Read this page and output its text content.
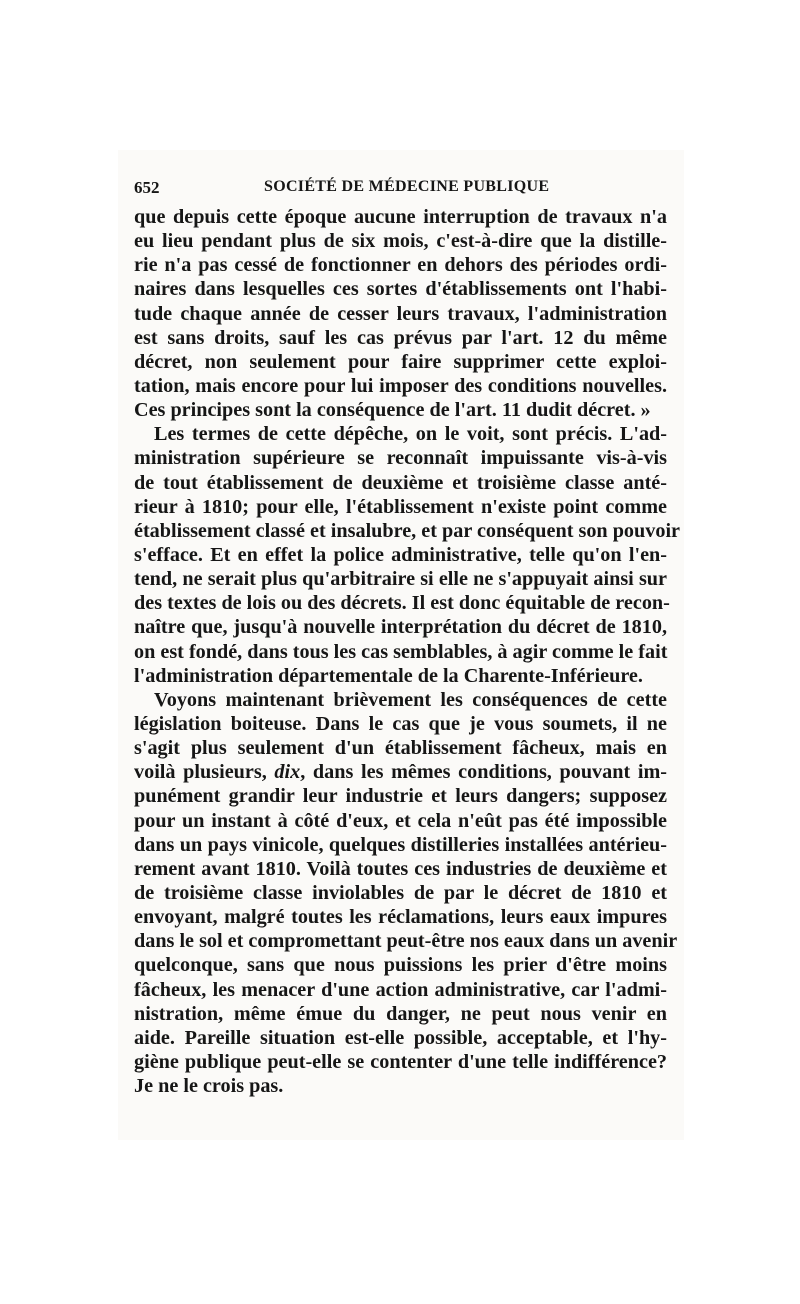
652	SOCIÉTÉ DE MÉDECINE PUBLIQUE
que depuis cette époque aucune interruption de travaux n'a
eu lieu pendant plus de six mois, c'est-à-dire que la distille-
rie n'a pas cessé de fonctionner en dehors des périodes ordi-
naires dans lesquelles ces sortes d'établissements ont l'habi-
tude chaque année de cesser leurs travaux, l'administration
est sans droits, sauf les cas prévus par l'art. 12 du même
décret, non seulement pour faire supprimer cette exploi-
tation, mais encore pour lui imposer des conditions nouvelles.
Ces principes sont la conséquence de l'art. 11 dudit décret. »
Les termes de cette dépêche, on le voit, sont précis. L'ad-
ministration supérieure se reconnaît impuissante vis-à-vis
de tout établissement de deuxième et troisième classe anté-
rieur à 1810; pour elle, l'établissement n'existe point comme
établissement classé et insalubre, et par conséquent son pouvoir
s'efface. Et en effet la police administrative, telle qu'on l'en-
tend, ne serait plus qu'arbitraire si elle ne s'appuyait ainsi sur
des textes de lois ou des décrets. Il est donc équitable de recon-
naître que, jusqu'à nouvelle interprétation du décret de 1810,
on est fondé, dans tous les cas semblables, à agir comme le fait
l'administration départementale de la Charente-Inférieure.
Voyons maintenant brièvement les conséquences de cette
législation boiteuse. Dans le cas que je vous soumets, il ne
s'agit plus seulement d'un établissement fâcheux, mais en
voilà plusieurs, dix, dans les mêmes conditions, pouvant im-
punément grandir leur industrie et leurs dangers; supposez
pour un instant à côté d'eux, et cela n'eût pas été impossible
dans un pays vinicole, quelques distilleries installées antérieu-
rement avant 1810. Voilà toutes ces industries de deuxième et
de troisième classe inviolables de par le décret de 1810 et
envoyant, malgré toutes les réclamations, leurs eaux impures
dans le sol et compromettant peut-être nos eaux dans un avenir
quelconque, sans que nous puissions les prier d'être moins
fâcheux, les menacer d'une action administrative, car l'admi-
nistration, même émue du danger, ne peut nous venir en
aide. Pareille situation est-elle possible, acceptable, et l'hy-
giène publique peut-elle se contenter d'une telle indifférence?
Je ne le crois pas.
